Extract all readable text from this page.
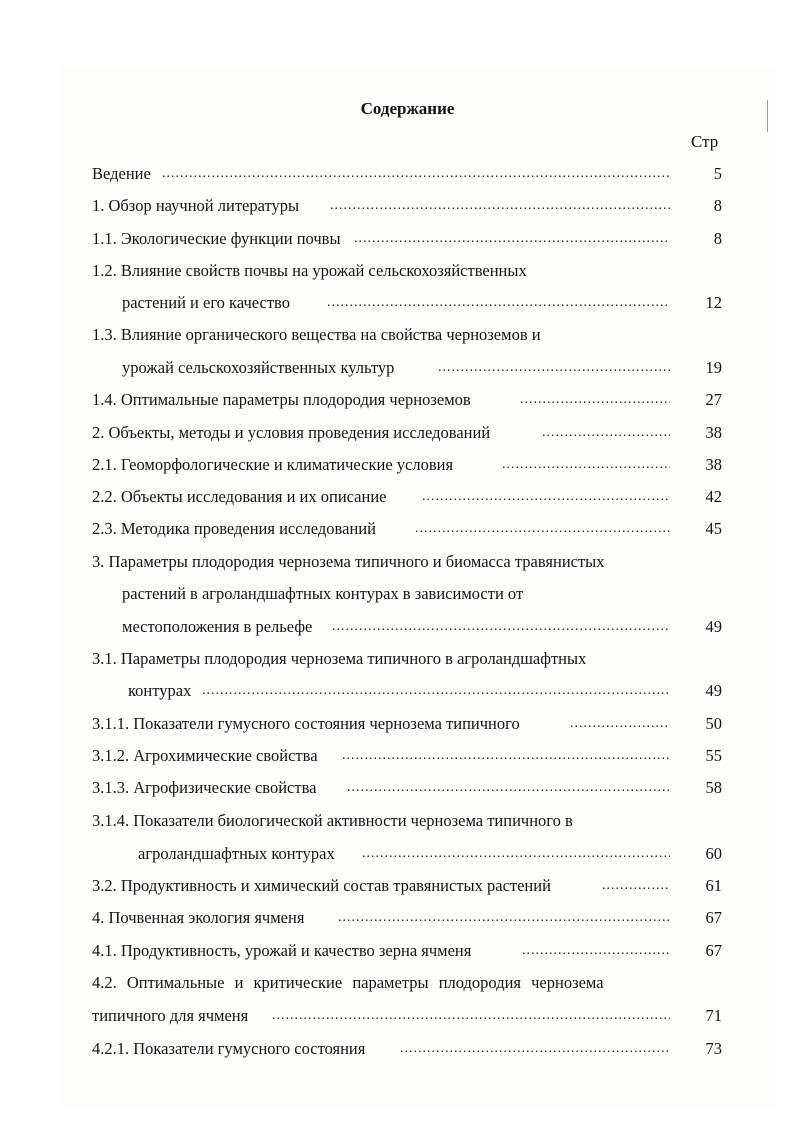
Содержание
Стр
Ведение .....	5
1. Обзор научной литературы .....	8
1.1. Экологические функции почвы .....	8
1.2. Влияние свойств почвы на урожай сельскохозяйственных
растений и его качество .....	12
1.3. Влияние органического вещества на свойства черноземов и
урожай сельскохозяйственных культур .....	19
1.4. Оптимальные параметры плодородия черноземов .....	27
2. Объекты, методы и условия проведения исследований .....	38
2.1. Геоморфологические и климатические условия .....	38
2.2. Объекты исследования и их описание .....	42
2.3. Методика проведения исследований .....	45
3. Параметры плодородия чернозема типичного и биомасса травянистых
растений в агроландшафтных контурах в зависимости от
местоположения в рельефе .....	49
3.1. Параметры плодородия чернозема типичного в агроландшафтных
контурах .....	49
3.1.1. Показатели гумусного состояния чернозема типичного .....	50
3.1.2. Агрохимические свойства .....	55
3.1.3. Агрофизические свойства .....	58
3.1.4. Показатели биологической активности чернозема типичного в
агроландшафтных контурах .....	60
3.2. Продуктивность и химический состав травянистых растений .....	61
4. Почвенная экология ячменя .....	67
4.1. Продуктивность, урожай и качество зерна ячменя .....	67
4.2. Оптимальные и критические параметры плодородия чернозема
типичного для ячменя .....	71
4.2.1. Показатели гумусного состояния .....	73
